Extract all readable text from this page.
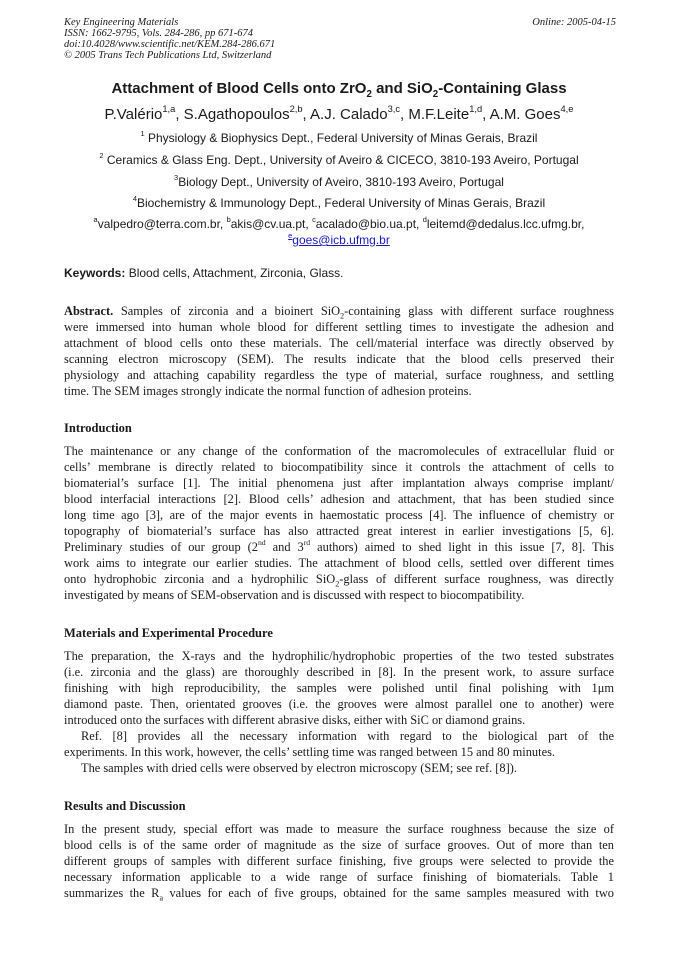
Key Engineering Materials
ISSN: 1662-9795, Vols. 284-286, pp 671-674
doi:10.4028/www.scientific.net/KEM.284-286.671
© 2005 Trans Tech Publications Ltd, Switzerland
Online: 2005-04-15
Attachment of Blood Cells onto ZrO$_2$ and SiO$_2$-Containing Glass
P.Valério$^{1,a}$, S.Agathopoulos$^{2,b}$, A.J. Calado$^{3,c}$, M.F.Leite$^{1,d}$, A.M. Goes$^{4,e}$
$^1$ Physiology & Biophysics Dept., Federal University of Minas Gerais, Brazil
$^2$ Ceramics & Glass Eng. Dept., University of Aveiro & CICECO, 3810-193 Aveiro, Portugal
$^3$Biology Dept., University of Aveiro, 3810-193 Aveiro, Portugal
$^4$Biochemistry & Immunology Dept., Federal University of Minas Gerais, Brazil
$^a$valpedro@terra.com.br, $^b$akis@cv.ua.pt, $^c$acalado@bio.ua.pt, $^d$leitemd@dedalus.lcc.ufmg.br,
$^e$goes@icb.ufmg.br
Keywords: Blood cells, Attachment, Zirconia, Glass.
Abstract. Samples of zirconia and a bioinert SiO$_2$-containing glass with different surface roughness
were immersed into human whole blood for different settling times to investigate the adhesion and
attachment of blood cells onto these materials. The cell/material interface was directly observed by
scanning electron microscopy (SEM). The results indicate that the blood cells preserved their
physiology and attaching capability regardless the type of material, surface roughness, and settling
time. The SEM images strongly indicate the normal function of adhesion proteins.
Introduction
The maintenance or any change of the conformation of the macromolecules of extracellular fluid or
cells’ membrane is directly related to biocompatibility since it controls the attachment of cells to
biomaterial’s surface [1]. The initial phenomena just after implantation always comprise implant/
blood interfacial interactions [2]. Blood cells’ adhesion and attachment, that has been studied since
long time ago [3], are of the major events in haemostatic process [4]. The influence of chemistry or
topography of biomaterial’s surface has also attracted great interest in earlier investigations [5, 6].
Preliminary studies of our group (2nd and 3rd authors) aimed to shed light in this issue [7, 8]. This
work aims to integrate our earlier studies. The attachment of blood cells, settled over different times
onto hydrophobic zirconia and a hydrophilic SiO$_2$-glass of different surface roughness, was directly
investigated by means of SEM-observation and is discussed with respect to biocompatibility.
Materials and Experimental Procedure
The preparation, the X-rays and the hydrophilic/hydrophobic properties of the two tested substrates
(i.e. zirconia and the glass) are thoroughly described in [8]. In the present work, to assure surface
finishing with high reproducibility, the samples were polished until final polishing with 1μm
diamond paste. Then, orientated grooves (i.e. the grooves were almost parallel one to another) were
introduced onto the surfaces with different abrasive disks, either with SiC or diamond grains.
Ref. [8] provides all the necessary information with regard to the biological part of the
experiments. In this work, however, the cells’ settling time was ranged between 15 and 80 minutes.
The samples with dried cells were observed by electron microscopy (SEM; see ref. [8]).
Results and Discussion
In the present study, special effort was made to measure the surface roughness because the size of
blood cells is of the same order of magnitude as the size of surface grooves. Out of more than ten
different groups of samples with different surface finishing, five groups were selected to provide the
necessary information applicable to a wide range of surface finishing of biomaterials. Table 1
summarizes the $R_a$ values for each of five groups, obtained for the same samples measured with two
